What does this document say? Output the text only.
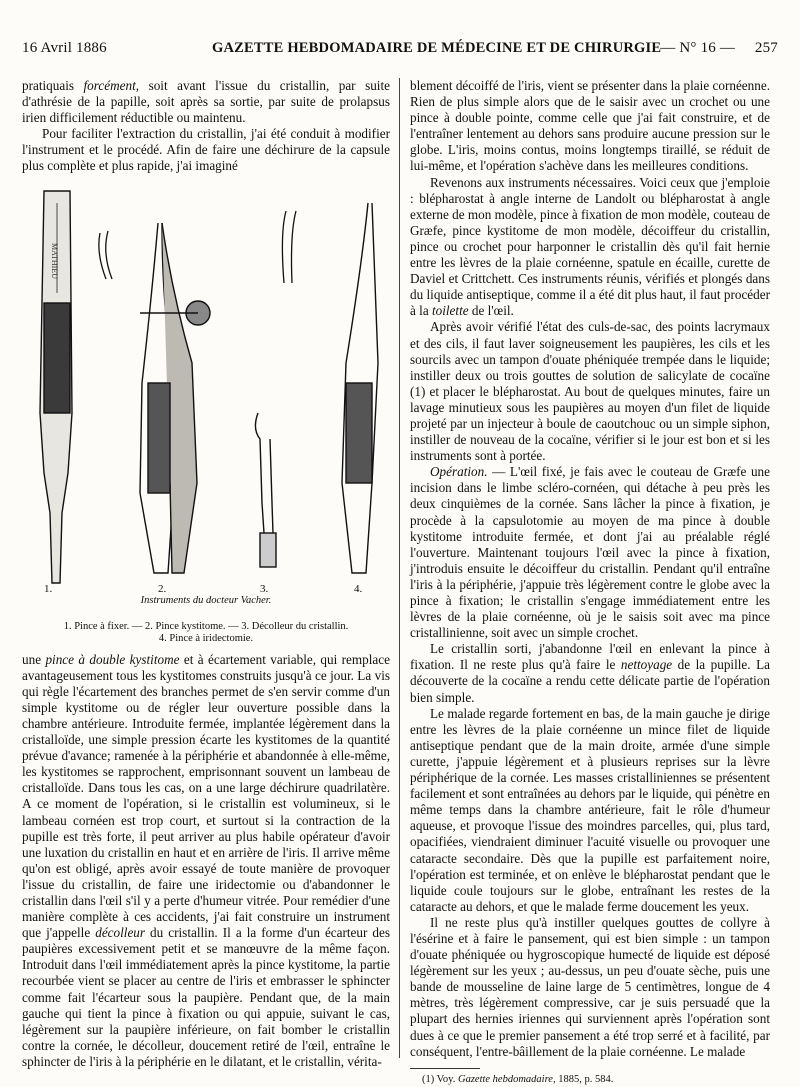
16 Avril 1886	GAZETTE HEBDOMADAIRE DE MÉDECINE ET DE CHIRURGIE — N° 16 — 257

pratiquais forcément, soit avant l'issue du cristallin, par suite d'athrésie de la papille, soit après sa sortie, par suite de prolapsus irien difficilement réductible ou maintenu.

Pour faciliter l'extraction du cristallin, j'ai été conduit à modifier l'instrument et le procédé. Afin de faire une déchirure de la capsule plus complète et plus rapide, j'ai imaginé

MATHIEU
1.	2.	3.	4.
Instruments du docteur Vacher.
1. Pince à fixer. — 2. Pince kystitome. — 3. Décolleur du cristallin.
4. Pince à iridectomie.

une pince à double kystitome et à écartement variable, qui remplace avantageusement tous les kystitomes construits jusqu'à ce jour. La vis qui règle l'écartement des branches permet de s'en servir comme d'un simple kystitome ou de régler leur ouverture possible dans la chambre antérieure. Introduite fermée, implantée légèrement dans la cristalloïde, une simple pression écarte les kystitomes de la quantité prévue d'avance; ramenée à la périphérie et abandonnée à elle-même, les kystitomes se rapprochent, emprisonnant souvent un lambeau de cristalloïde. Dans tous les cas, on a une large déchirure quadrilatère. A ce moment de l'opération, si le cristallin est volumineux, si le lambeau cornéen est trop court, et surtout si la contraction de la pupille est très forte, il peut arriver au plus habile opérateur d'avoir une luxation du cristallin en haut et en arrière de l'iris. Il arrive même qu'on est obligé, après avoir essayé de toute manière de provoquer l'issue du cristallin, de faire une iridectomie ou d'abandonner le cristallin dans l'œil s'il y a perte d'humeur vitrée. Pour remédier d'une manière complète à ces accidents, j'ai fait construire un instrument que j'appelle décolleur du cristallin. Il a la forme d'un écarteur des paupières excessivement petit et se manœuvre de la même façon. Introduit dans l'œil immédiatement après la pince kystitome, la partie recourbée vient se placer au centre de l'iris et embrasser le sphincter comme fait l'écarteur sous la paupière. Pendant que, de la main gauche qui tient la pince à fixation ou qui appuie, suivant le cas, légèrement sur la paupière inférieure, on fait bomber le cristallin contre la cornée, le décolleur, doucement retiré de l'œil, entraîne le sphincter de l'iris à la périphérie en le dilatant, et le cristallin, vérita-

blement décoiffé de l'iris, vient se présenter dans la plaie cornéenne. Rien de plus simple alors que de le saisir avec un crochet ou une pince à double pointe, comme celle que j'ai fait construire, et de l'entraîner lentement au dehors sans produire aucune pression sur le globe. L'iris, moins contus, moins longtemps tiraillé, se réduit de lui-même, et l'opération s'achève dans les meilleures conditions.

Revenons aux instruments nécessaires. Voici ceux que j'emploie : blépharostat à angle interne de Landolt ou blépharostat à angle externe de mon modèle, pince à fixation de mon modèle, couteau de Græfe, pince kystitome de mon modèle, décoiffeur du cristallin, pince ou crochet pour harponner le cristallin dès qu'il fait hernie entre les lèvres de la plaie cornéenne, spatule en écaille, curette de Daviel et Crittchett. Ces instruments réunis, vérifiés et plongés dans du liquide antiseptique, comme il a été dit plus haut, il faut procéder à la toilette de l'œil.

Après avoir vérifié l'état des culs-de-sac, des points lacrymaux et des cils, il faut laver soigneusement les paupières, les cils et les sourcils avec un tampon d'ouate phéniquée trempée dans le liquide; instiller deux ou trois gouttes de solution de salicylate de cocaïne (1) et placer le blépharostat. Au bout de quelques minutes, faire un lavage minutieux sous les paupières au moyen d'un filet de liquide projeté par un injecteur à boule de caoutchouc ou un simple siphon, instiller de nouveau de la cocaïne, vérifier si le jour est bon et si les instruments sont à portée.

Opération. — L'œil fixé, je fais avec le couteau de Græfe une incision dans le limbe scléro-cornéen, qui détache à peu près les deux cinquièmes de la cornée. Sans lâcher la pince à fixation, je procède à la capsulotomie au moyen de ma pince à double kystitome introduite fermée, et dont j'ai au préalable réglé l'ouverture. Maintenant toujours l'œil avec la pince à fixation, j'introduis ensuite le décoiffeur du cristallin. Pendant qu'il entraîne l'iris à la périphérie, j'appuie très légèrement contre le globe avec la pince à fixation; le cristallin s'engage immédiatement entre les lèvres de la plaie cornéenne, où je le saisis soit avec ma pince cristallinienne, soit avec un simple crochet.

Le cristallin sorti, j'abandonne l'œil en enlevant la pince à fixation. Il ne reste plus qu'à faire le nettoyage de la pupille. La découverte de la cocaïne a rendu cette délicate partie de l'opération bien simple.

Le malade regarde fortement en bas, de la main gauche je dirige entre les lèvres de la plaie cornéenne un mince filet de liquide antiseptique pendant que de la main droite, armée d'une simple curette, j'appuie légèrement et à plusieurs reprises sur la lèvre périphérique de la cornée. Les masses cristalliniennes se présentent facilement et sont entraînées au dehors par le liquide, qui pénètre en même temps dans la chambre antérieure, fait le rôle d'humeur aqueuse, et provoque l'issue des moindres parcelles, qui, plus tard, opacifiées, viendraient diminuer l'acuité visuelle ou provoquer une cataracte secondaire. Dès que la pupille est parfaitement noire, l'opération est terminée, et on enlève le blépharostat pendant que le liquide coule toujours sur le globe, entraînant les restes de la cataracte au dehors, et que le malade ferme doucement les yeux.

Il ne reste plus qu'à instiller quelques gouttes de collyre à l'ésérine et à faire le pansement, qui est bien simple : un tampon d'ouate phéniquée ou hygroscopique humecté de liquide est déposé légèrement sur les yeux ; au-dessus, un peu d'ouate sèche, puis une bande de mousseline de laine large de 5 centimètres, longue de 4 mètres, très légèrement compressive, car je suis persuadé que la plupart des hernies iriennes qui surviennent après l'opération sont dues à ce que le premier pansement a été trop serré et à facilité, par conséquent, l'entre-bâillement de la plaie cornéenne. Le malade

(1) Voy. Gazette hebdomadaire, 1885, p. 584.
